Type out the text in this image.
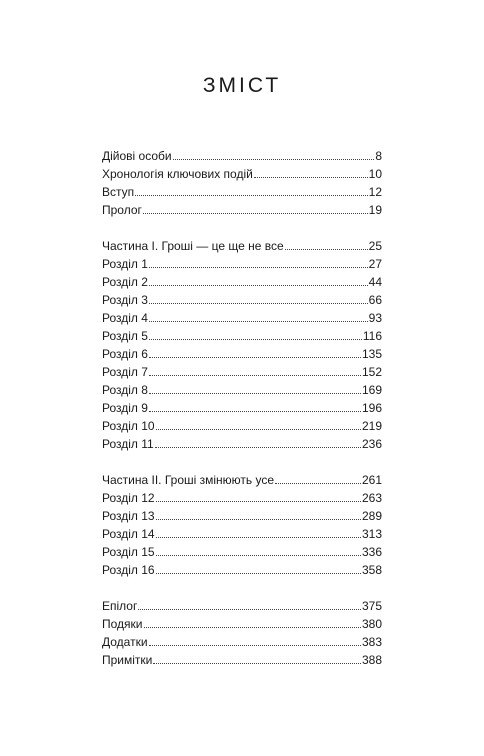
ЗМІСТ
Дійові особи	8
Хронологія ключових подій	10
Вступ	12
Пролог	19
Частина I. Гроші — це ще не все	25
Розділ 1	27
Розділ 2	44
Розділ 3	66
Розділ 4	93
Розділ 5	116
Розділ 6	135
Розділ 7	152
Розділ 8	169
Розділ 9	196
Розділ 10	219
Розділ 11	236
Частина II. Гроші змінюють усе	261
Розділ 12	263
Розділ 13	289
Розділ 14	313
Розділ 15	336
Розділ 16	358
Епілог	375
Подяки	380
Додатки	383
Примітки	388
